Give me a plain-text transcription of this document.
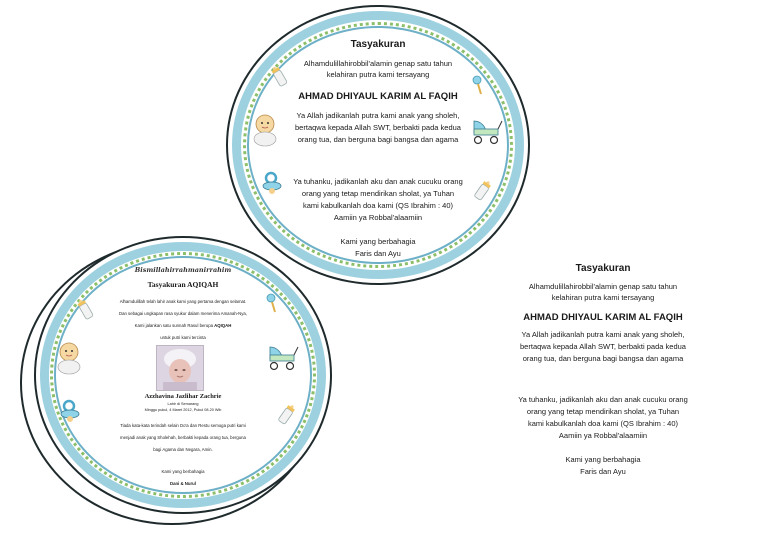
Bismillahirrahmanirrahim
Tasyakuran AQIQAH
Alhamdulillah telah lahir anak kami yang pertama dengan selamat.
Dan sebagai ungkapan rasa syukur dalam menerima Amanah-Nya,
Kami jalankan satu sunnah Rasul berupa AQIQAH
untuk putri kami tercinta
Azzhavina Jazlihar Zachrie
Lahir di Semarang
Minggu pukul, 4 Maret 2012, Pukul 08.20 Wib
Tiada kata-kata terindah selain Do'a dan Restu semoga putri kami
menjadi anak yang Sholehah, berbakti kepada orang tua, berguna
bagi Agama dan Negara, Amin.
Kami yang berbahagia
Dani & Nurul
Tasyakuran
Alhamdulillahirobbil'alamin genap satu tahun
kelahiran putra kami tersayang
AHMAD DHIYAUL KARIM AL FAQIH
Ya Allah jadikanlah putra kami anak yang sholeh,
bertaqwa kepada Allah SWT, berbakti pada kedua
orang tua, dan berguna bagi bangsa dan agama
Ya tuhanku, jadikanlah aku dan anak cucuku orang
orang yang tetap mendirikan sholat, ya Tuhan
kami kabulkanlah doa kami (QS Ibrahim : 40)
Aamiin ya Robbal'alaamiin
Kami yang berbahagia
Faris dan Ayu
Tasyakuran
Alhamdulillahirobbil'alamin genap satu tahun
kelahiran putra kami tersayang
AHMAD DHIYAUL KARIM AL FAQIH
Ya Allah jadikanlah putra kami anak yang sholeh,
bertaqwa kepada Allah SWT, berbakti pada kedua
orang tua, dan berguna bagi bangsa dan agama
Ya tuhanku, jadikanlah aku dan anak cucuku orang
orang yang tetap mendirikan sholat, ya Tuhan
kami kabulkanlah doa kami (QS Ibrahim : 40)
Aamiin ya Robbal'alaamiin
Kami yang berbahagia
Faris dan Ayu
